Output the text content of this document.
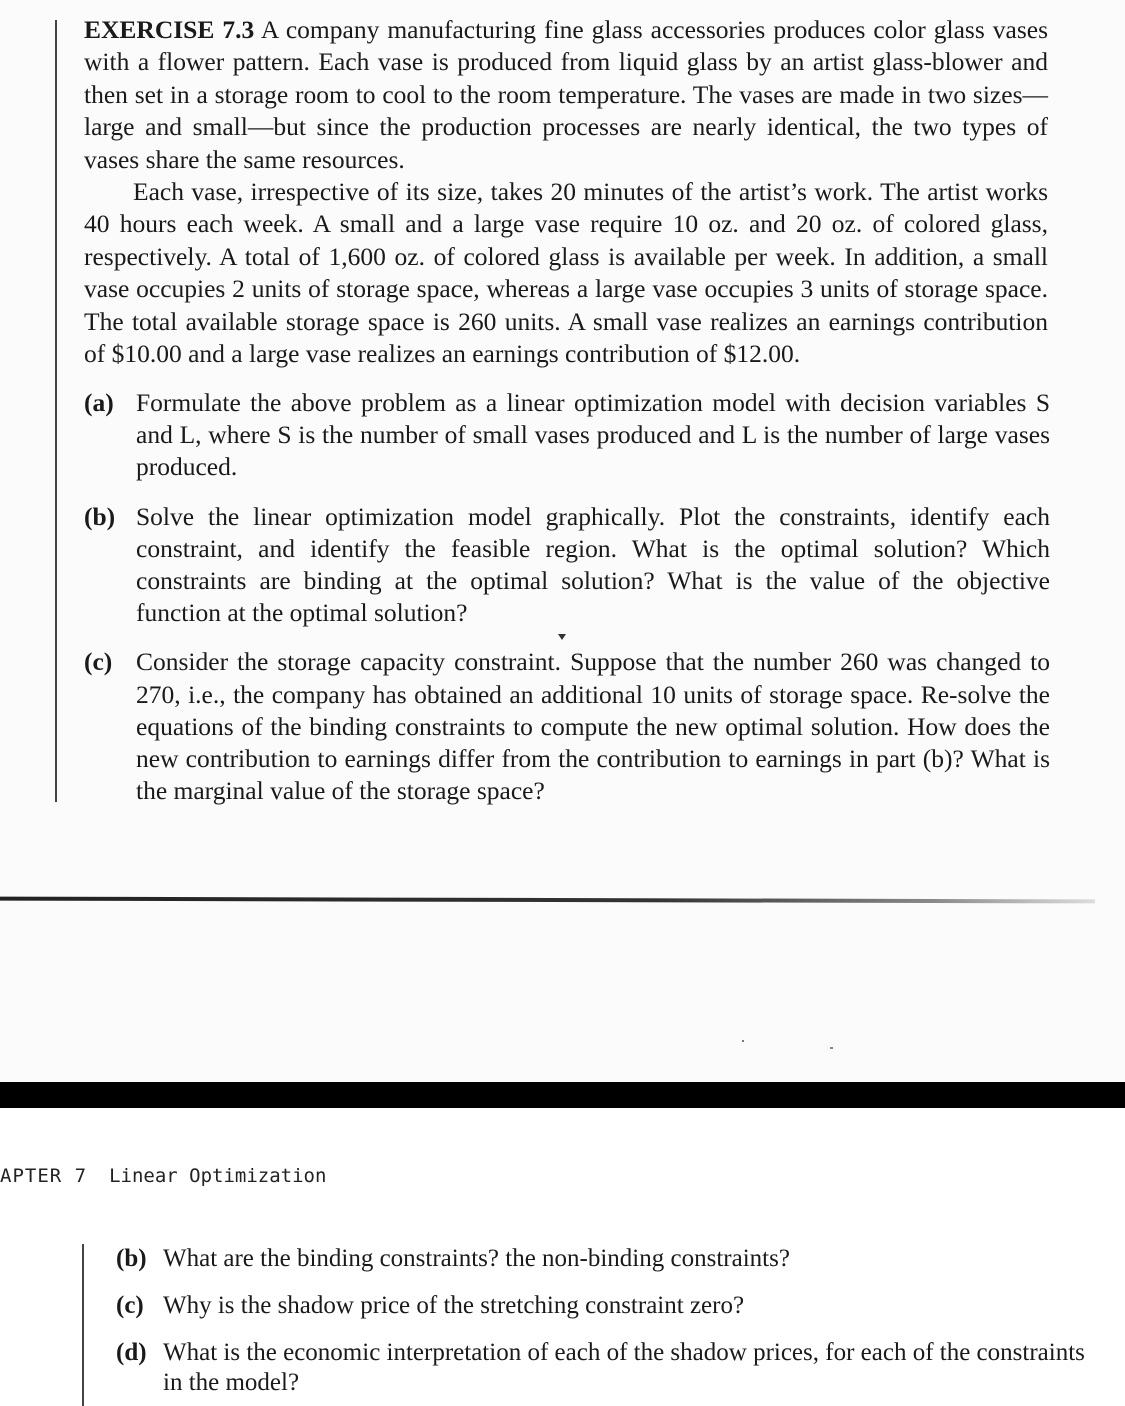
EXERCISE 7.3 A company manufacturing fine glass accessories produces color glass vases with a flower pattern. Each vase is produced from liquid glass by an artist glass-blower and then set in a storage room to cool to the room temperature. The vases are made in two sizes—large and small—but since the production processes are nearly identical, the two types of vases share the same resources.

Each vase, irrespective of its size, takes 20 minutes of the artist’s work. The artist works 40 hours each week. A small and a large vase require 10 oz. and 20 oz. of colored glass, respectively. A total of 1,600 oz. of colored glass is available per week. In addition, a small vase occupies 2 units of storage space, whereas a large vase occupies 3 units of storage space. The total available storage space is 260 units. A small vase realizes an earnings contribution of $10.00 and a large vase realizes an earnings contribution of $12.00.

(a) Formulate the above problem as a linear optimization model with decision variables S and L, where S is the number of small vases produced and L is the number of large vases produced.
(b) Solve the linear optimization model graphically. Plot the constraints, identify each constraint, and identify the feasible region. What is the optimal solution? Which constraints are binding at the optimal solution? What is the value of the objective function at the optimal solution?
(c) Consider the storage capacity constraint. Suppose that the number 260 was changed to 270, i.e., the company has obtained an additional 10 units of storage space. Re-solve the equations of the binding constraints to compute the new optimal solution. How does the new contribution to earnings differ from the contribution to earnings in part (b)? What is the marginal value of the storage space?
APTER 7 Linear Optimization
(b) What are the binding constraints? the non-binding constraints?
(c) Why is the shadow price of the stretching constraint zero?
(d) What is the economic interpretation of each of the shadow prices, for each of the constraints in the model?
